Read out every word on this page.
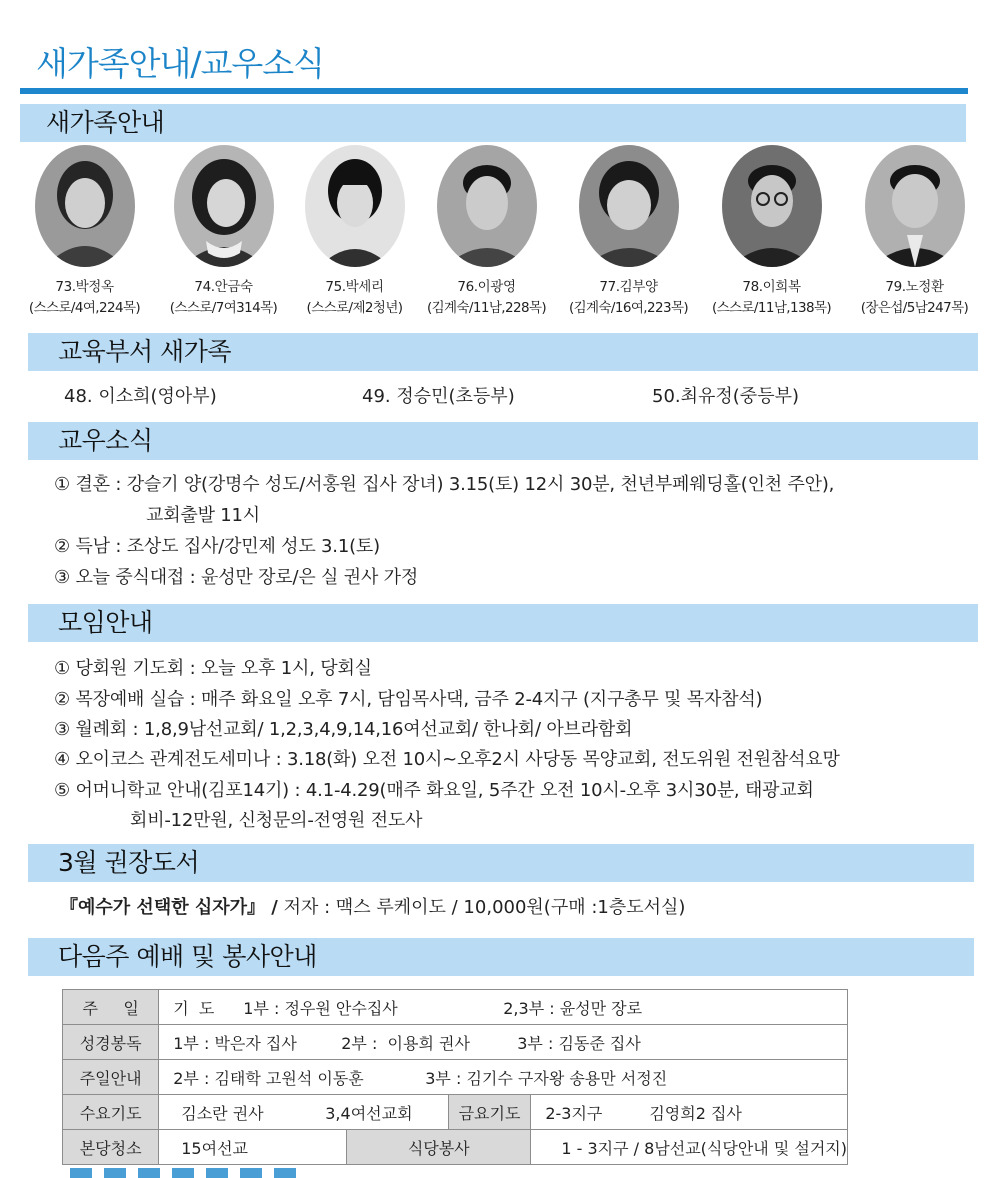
새가족안내/교우소식
새가족안내
73.박정옥
(스스로/4여,224목)
74.안금숙
(스스로/7여314목)
75.박세리
(스스로/제2청년)
76.이광영
(김계숙/11남,228목)
77.김부양
(김계숙/16여,223목)
78.이희복
(스스로/11남,138목)
79.노정환
(장은섭/5남247목)
교육부서 새가족
48. 이소희(영아부)	49. 정승민(초등부)	50.최유정(중등부)
교우소식
① 결혼 : 강슬기 양(강명수 성도/서홍원 집사 장녀) 3.15(토) 12시 30분, 천년부페웨딩홀(인천 주안),
교회출발 11시
② 득남 : 조상도 집사/강민제 성도 3.1(토)
③ 오늘 중식대접 : 윤성만 장로/은 실 권사 가정
모임안내
① 당회원 기도회 : 오늘 오후 1시, 당회실
② 목장예배 실습 : 매주 화요일 오후 7시, 담임목사댁, 금주 2-4지구 (지구총무 및 목자참석)
③ 월례회 : 1,8,9남선교회/ 1,2,3,4,9,14,16여선교회/ 한나회/ 아브라함회
④ 오이코스 관계전도세미나 : 3.18(화) 오전 10시~오후2시 사당동 목양교회, 전도위원 전원참석요망
⑤ 어머니학교 안내(김포14기) : 4.1-4.29(매주 화요일, 5주간 오전 10시-오후 3시30분, 태광교회
회비-12만원, 신청문의-전영원 전도사
3월 권장도서
『예수가 선택한 십자가』 / 저자 : 맥스 루케이도 / 10,000원(구매 :1층도서실)
다음주 예배 및 봉사안내
주     일	기  도 1부 : 정우원 안수집사 2,3부 : 윤성만 장로			
성경봉독	1부 : 박은자 집사 2부 :  이용희 권사 3부 : 김동준 집사			
주일안내	2부 : 김태학 고원석 이동훈 3부 : 김기수 구자왕 송용만 서정진			
수요기도	김소란 권사 3,4여선교회		금요기도	2-3지구 김영희2 집사
본당청소	15여선교	식당봉사		1 - 3지구 / 8남선교(식당안내 및 설거지)
